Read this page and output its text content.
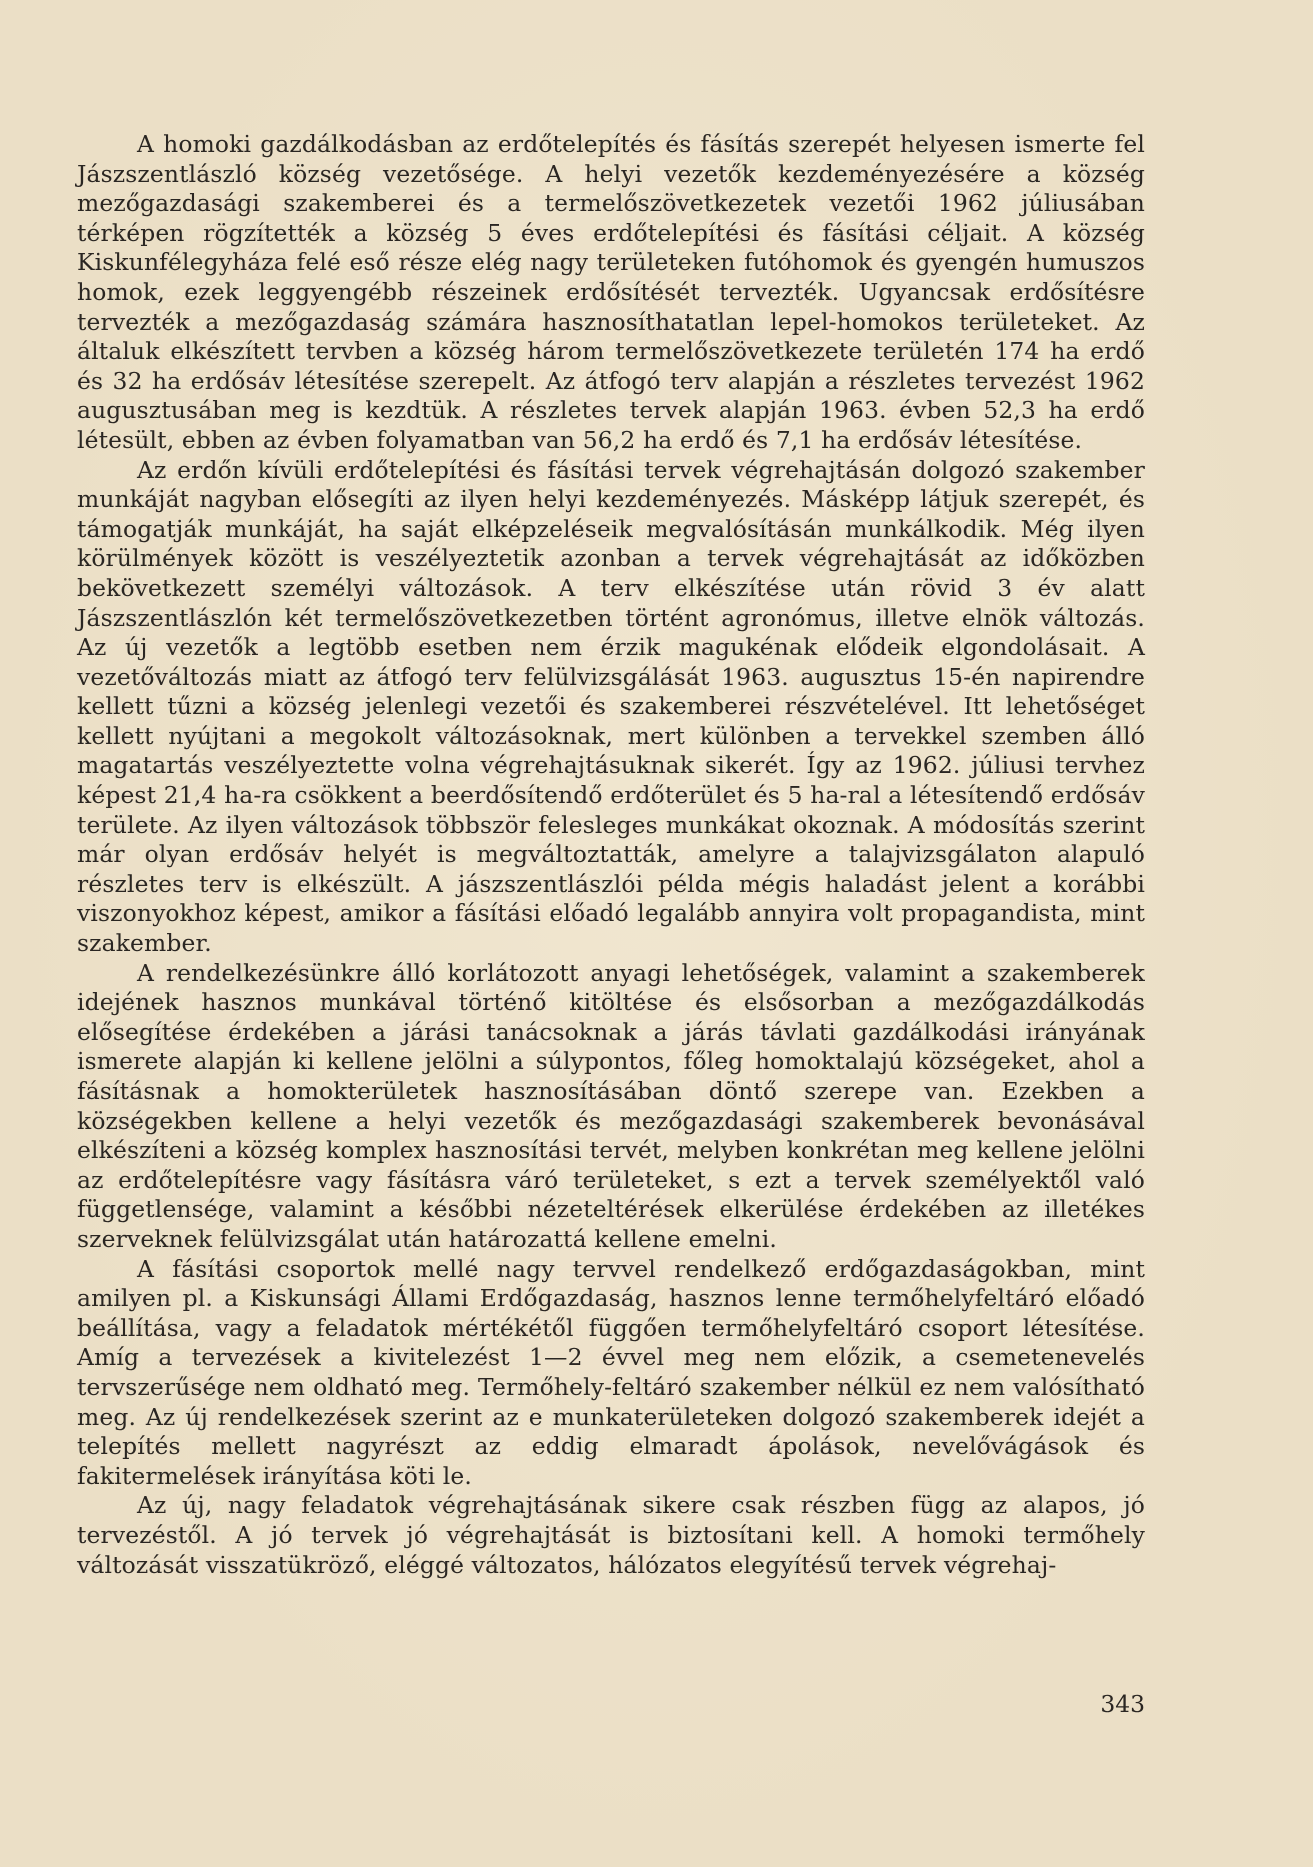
A homoki gazdálkodásban az erdőtelepítés és fásítás szerepét helyesen ismerte fel Jászszentlászló község vezetősége. A helyi vezetők kezdeményezésére a község mezőgazdasági szakemberei és a termelőszövetkezetek vezetői 1962 júliusában térképen rögzítették a község 5 éves erdőtelepítési és fásítási céljait. A község Kiskunfélegyháza felé eső része elég nagy területeken futóhomok és gyengén humuszos homok, ezek leggyengébb részeinek erdősítését tervezték. Ugyancsak erdősítésre tervezték a mezőgazdaság számára hasznosíthatatlan lepel-homokos területeket. Az általuk elkészített tervben a község három termelőszövetkezete területén 174 ha erdő és 32 ha erdősáv létesítése szerepelt. Az átfogó terv alapján a részletes tervezést 1962 augusztusában meg is kezdtük. A részletes tervek alapján 1963. évben 52,3 ha erdő létesült, ebben az évben folyamatban van 56,2 ha erdő és 7,1 ha erdősáv létesítése.

Az erdőn kívüli erdőtelepítési és fásítási tervek végrehajtásán dolgozó szakember munkáját nagyban elősegíti az ilyen helyi kezdeményezés. Másképp látjuk szerepét, és támogatják munkáját, ha saját elképzeléseik megvalósításán munkálkodik. Még ilyen körülmények között is veszélyeztetik azonban a tervek végrehajtását az időközben bekövetkezett személyi változások. A terv elkészítése után rövid 3 év alatt Jászszentlászlón két termelőszövetkezetben történt agronómus, illetve elnök változás. Az új vezetők a legtöbb esetben nem érzik magukénak elődeik elgondolásait. A vezetőváltozás miatt az átfogó terv felülvizsgálását 1963. augusztus 15-én napirendre kellett tűzni a község jelenlegi vezetői és szakemberei részvételével. Itt lehetőséget kellett nyújtani a megokolt változásoknak, mert különben a tervekkel szemben álló magatartás veszélyeztette volna végrehajtásuknak sikerét. Így az 1962. júliusi tervhez képest 21,4 ha-ra csökkent a beerdősítendő erdőterület és 5 ha-ral a létesítendő erdősáv területe. Az ilyen változások többször felesleges munkákat okoznak. A módosítás szerint már olyan erdősáv helyét is megváltoztatták, amelyre a talajvizsgálaton alapuló részletes terv is elkészült. A jászszentlászlói példa mégis haladást jelent a korábbi viszonyokhoz képest, amikor a fásítási előadó legalább annyira volt propagandista, mint szakember.

A rendelkezésünkre álló korlátozott anyagi lehetőségek, valamint a szakemberek idejének hasznos munkával történő kitöltése és elsősorban a mezőgazdálkodás elősegítése érdekében a járási tanácsoknak a járás távlati gazdálkodási irányának ismerete alapján ki kellene jelölni a súlypontos, főleg homoktalajú községeket, ahol a fásításnak a homokterületek hasznosításában döntő szerepe van. Ezekben a községekben kellene a helyi vezetők és mezőgazdasági szakemberek bevonásával elkészíteni a község komplex hasznosítási tervét, melyben konkrétan meg kellene jelölni az erdőtelepítésre vagy fásításra váró területeket, s ezt a tervek személyektől való függetlensége, valamint a későbbi nézeteltérések elkerülése érdekében az illetékes szerveknek felülvizsgálat után határozattá kellene emelni.

A fásítási csoportok mellé nagy tervvel rendelkező erdőgazdaságokban, mint amilyen pl. a Kiskunsági Állami Erdőgazdaság, hasznos lenne termőhelyfeltáró előadó beállítása, vagy a feladatok mértékétől függően termőhelyfeltáró csoport létesítése. Amíg a tervezések a kivitelezést 1—2 évvel meg nem előzik, a csemetenevelés tervszerűsége nem oldható meg. Termőhely-feltáró szakember nélkül ez nem valósítható meg. Az új rendelkezések szerint az e munkaterületeken dolgozó szakemberek idejét a telepítés mellett nagyrészt az eddig elmaradt ápolások, nevelővágások és fakitermelések irányítása köti le.

Az új, nagy feladatok végrehajtásának sikere csak részben függ az alapos, jó tervezéstől. A jó tervek jó végrehajtását is biztosítani kell. A homoki termőhely változását visszatükröző, eléggé változatos, hálózatos elegyítésű tervek végrehaj-

343
